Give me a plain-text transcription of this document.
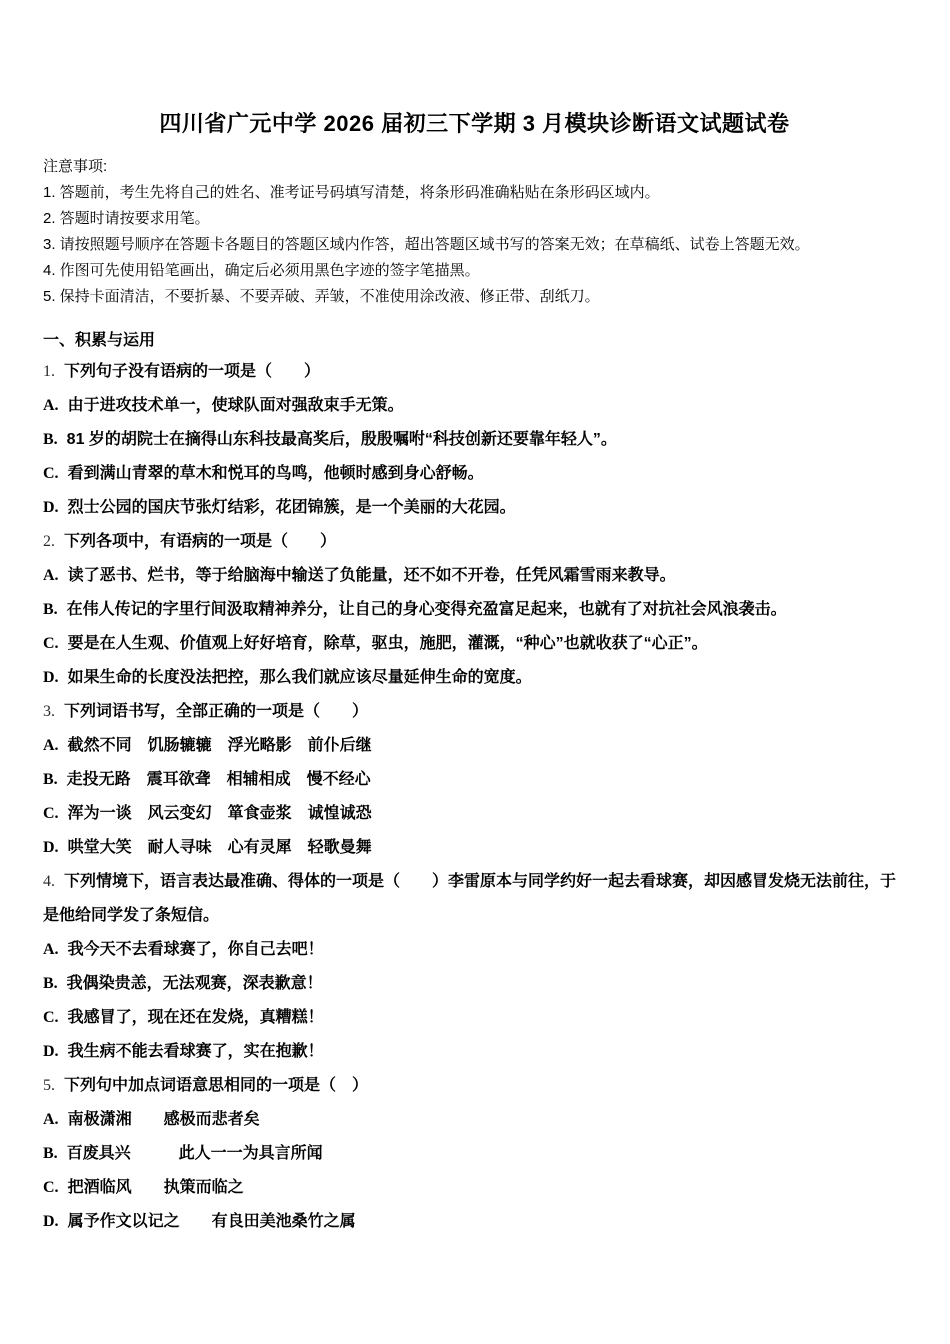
四川省广元中学 2026 届初三下学期 3 月模块诊断语文试题试卷
注意事项:
1. 答题前，考生先将自己的姓名、准考证号码填写清楚，将条形码准确粘贴在条形码区域内。
2. 答题时请按要求用笔。
3. 请按照题号顺序在答题卡各题目的答题区域内作答，超出答题区域书写的答案无效；在草稿纸、试卷上答题无效。
4. 作图可先使用铅笔画出，确定后必须用黑色字迹的签字笔描黑。
5. 保持卡面清洁，不要折暴、不要弄破、弄皱，不准使用涂改液、修正带、刮纸刀。
一、积累与运用
1. 下列句子没有语病的一项是（　　）
A. 由于进攻技术单一，使球队面对强敌束手无策。
B. 81 岁的胡院士在摘得山东科技最高奖后，殷殷嘱咐“科技创新还要靠年轻人”。
C. 看到满山青翠的草木和悦耳的鸟鸣，他顿时感到身心舒畅。
D. 烈士公园的国庆节张灯结彩，花团锦簇，是一个美丽的大花园。
2. 下列各项中，有语病的一项是（　　）
A. 读了恶书、烂书，等于给脑海中输送了负能量，还不如不开卷，任凭风霜雪雨来教导。
B. 在伟人传记的字里行间汲取精神养分，让自己的身心变得充盈富足起来，也就有了对抗社会风浪袭击。
C. 要是在人生观、价值观上好好培育，除草，驱虫，施肥，灌溉，“种心”也就收获了“心正”。
D. 如果生命的长度没法把控，那么我们就应该尽量延伸生命的宽度。
3. 下列词语书写，全部正确的一项是（　　）
A. 截然不同　饥肠辘辘　浮光略影　前仆后继
B. 走投无路　震耳欲聋　相辅相成　慢不经心
C. 浑为一谈　风云变幻　箪食壶浆　诚惶诚恐
D. 哄堂大笑　耐人寻味　心有灵犀　轻歌曼舞
4. 下列情境下，语言表达最准确、得体的一项是（　　）李雷原本与同学约好一起去看球赛，却因感冒发烧无法前往，于是他给同学发了条短信。
A. 我今天不去看球赛了，你自己去吧！
B. 我偶染贵恙，无法观赛，深表歉意！
C. 我感冒了，现在还在发烧，真糟糕！
D. 我生病不能去看球赛了，实在抱歉！
5. 下列句中加点词语意思相同的一项是（　）
A. 南极潇湘　　感极而悲者矣
B. 百废具兴　　　此人一一为具言所闻
C. 把酒临风　　执策而临之
D. 属予作文以记之　　有良田美池桑竹之属
